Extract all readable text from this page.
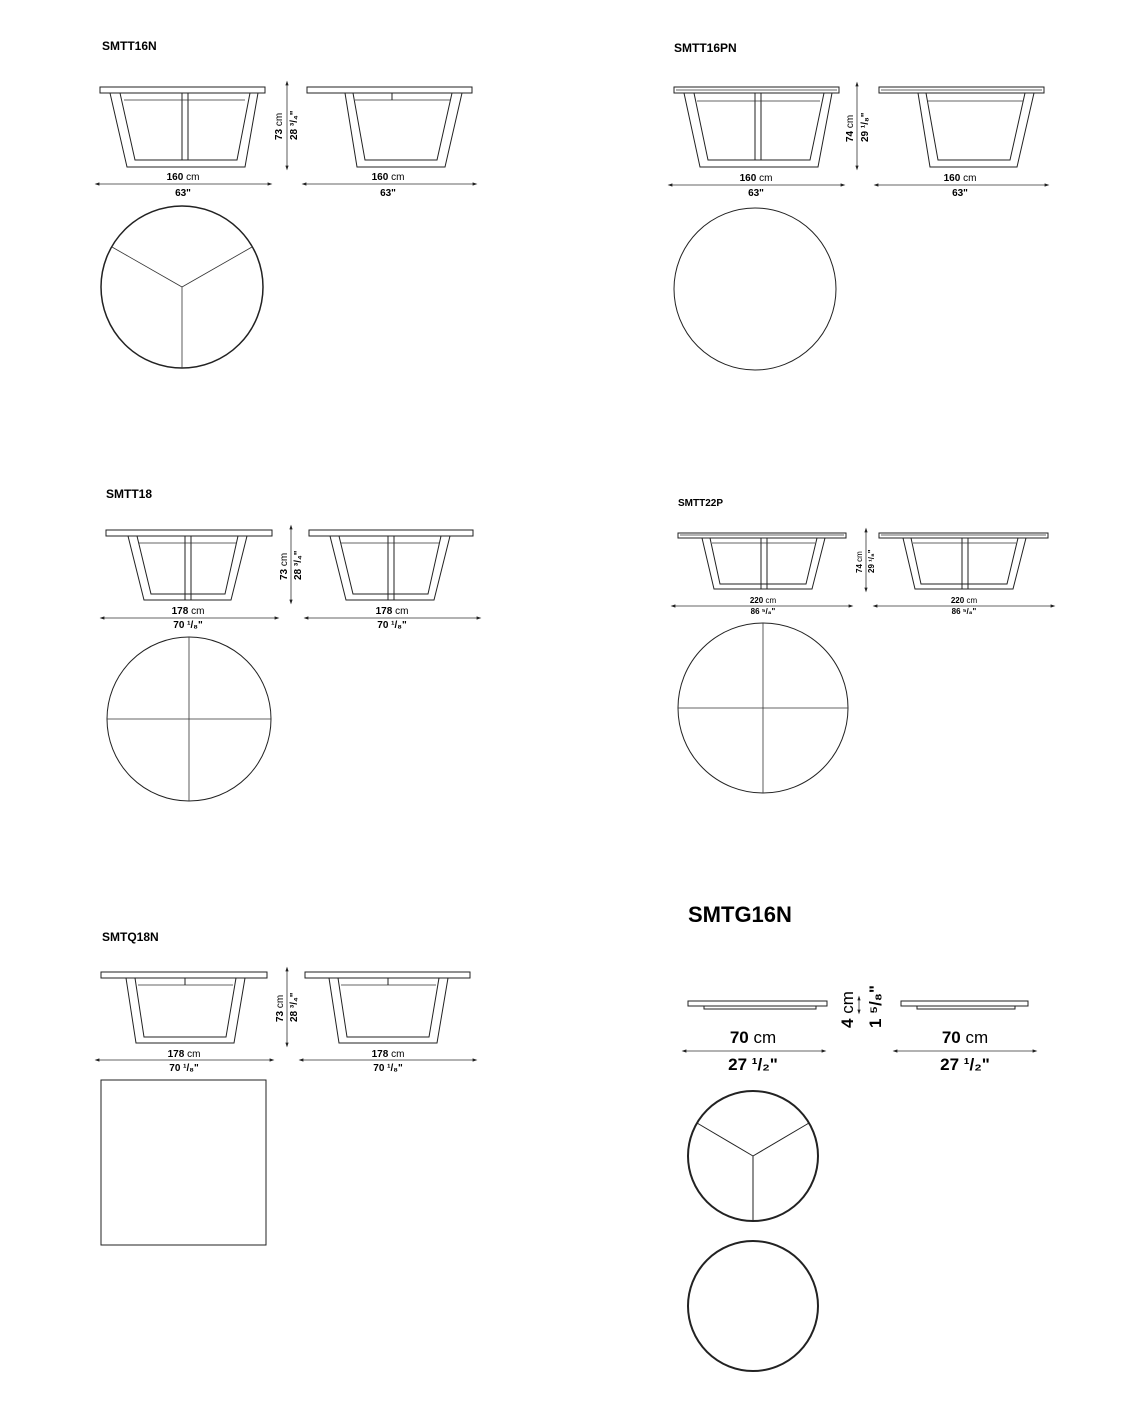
SMTT16N
73 cm 28 ³/₄"
160 cm
63"
160 cm
63"
SMTT16PN
74 cm 29 ¹/₈"
160 cm
63"
160 cm
63"
SMTT18
73 cm 28 ³/₄"
178 cm
70 ¹/₈"
178 cm
70 ¹/₈"
SMTT22P
74 cm 29 ¹/₈"
220 cm
86 ⁵/₈"
220 cm
86 ⁵/₈"
SMTQ18N
73 cm 28 ³/₄"
178 cm
70 ¹/₈"
178 cm
70 ¹/₈"
SMTG16N
4 cm 1 ⁵/₈"
70 cm
27 ¹/₂"
70 cm
27 ¹/₂"
